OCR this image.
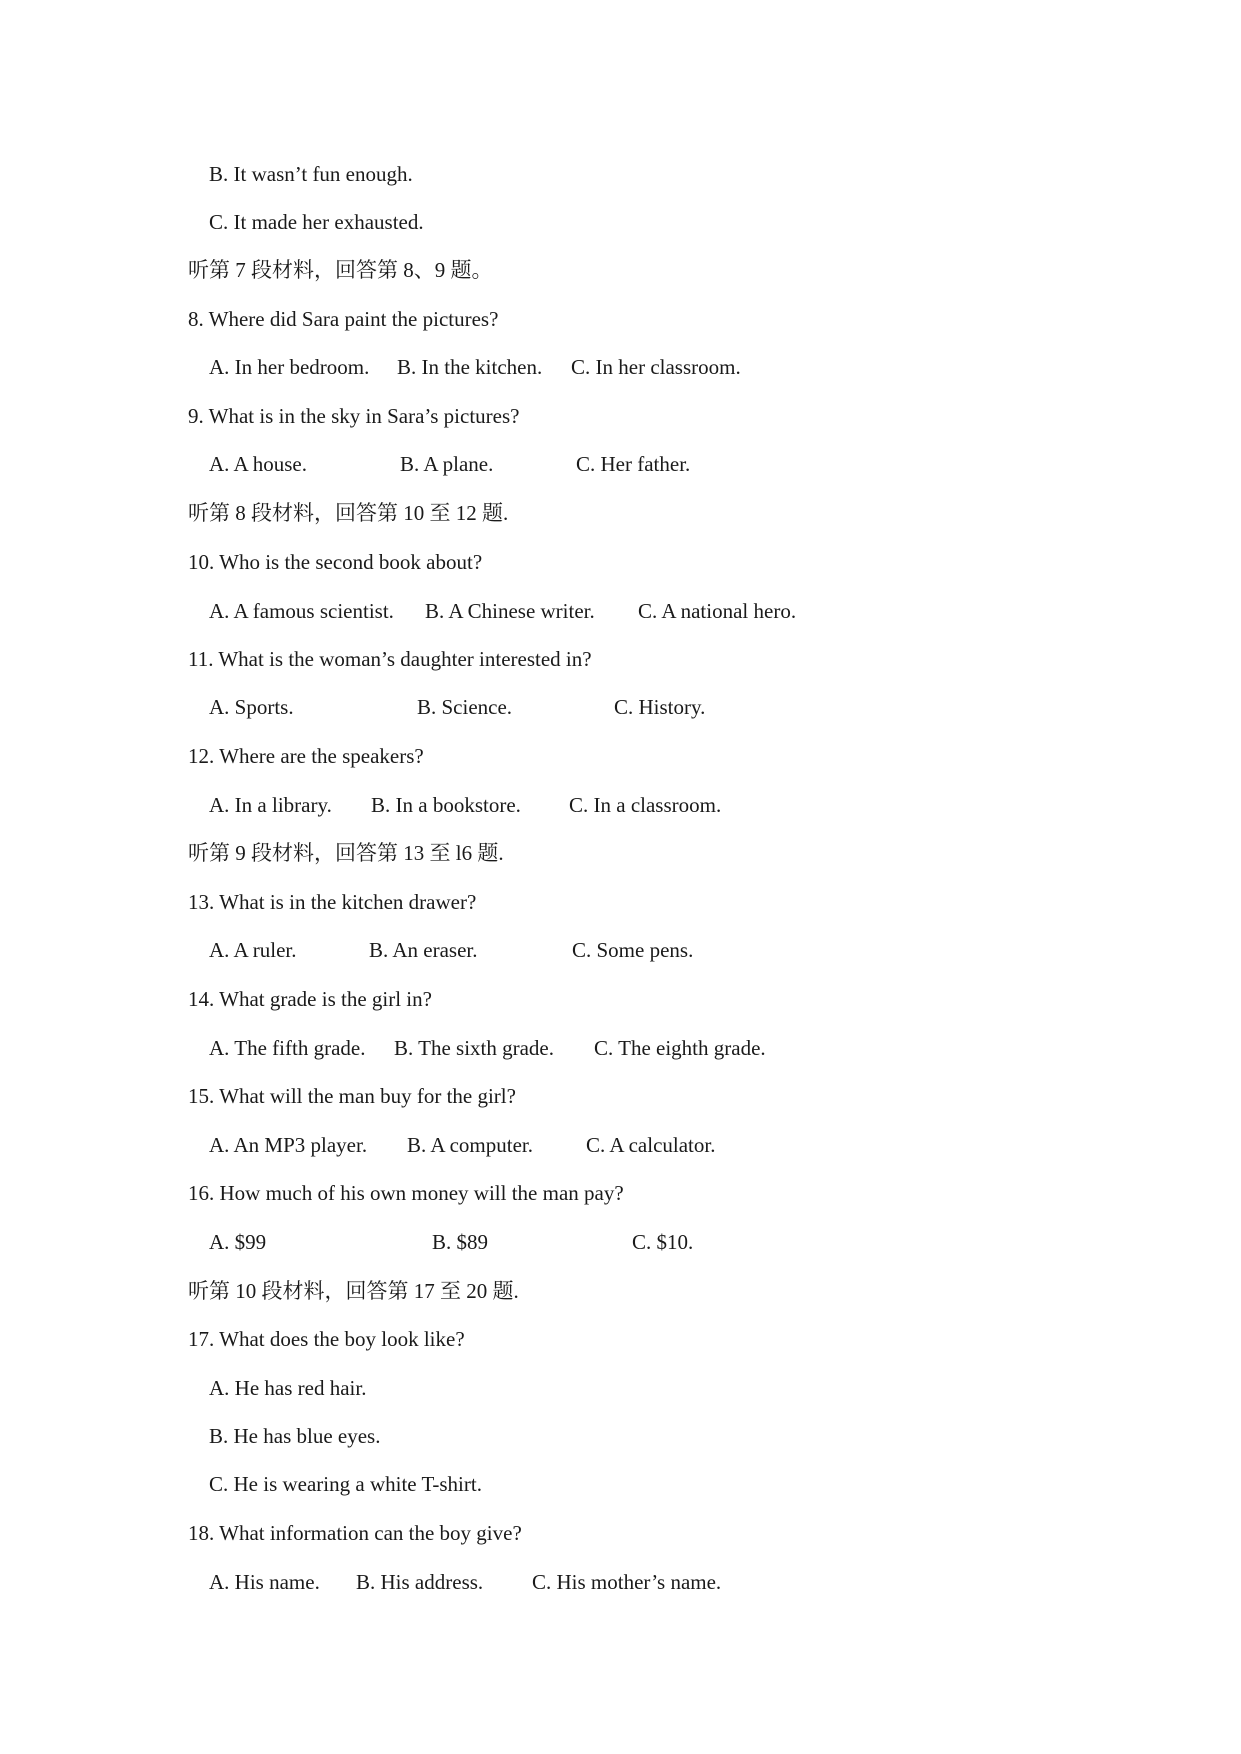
B. It wasn’t fun enough.
C. It made her exhausted.
听第 7 段材料，回答第 8、9 题。
8. Where did Sara paint the pictures?
A. In her bedroom. B. In the kitchen. C. In her classroom.
9. What is in the sky in Sara’s pictures?
A. A house.	B. A plane.	C. Her father.
听第 8 段材料，回答第 10 至 12 题.
10. Who is the second book about?
A. A famous scientist. B. A Chinese writer. C. A national hero.
11. What is the woman’s daughter interested in?
A. Sports.	B. Science.	C. History.
12. Where are the speakers?
A. In a library. B. In a bookstore. C. In a classroom.
听第 9 段材料，回答第 13 至 l6 题.
13. What is in the kitchen drawer?
A. A ruler.	B. An eraser.	C. Some pens.
14. What grade is the girl in?
A. The fifth grade. B. The sixth grade. C. The eighth grade.
15. What will the man buy for the girl?
A. An MP3 player. B. A computer.	C. A calculator.
16. How much of his own money will the man pay?
A. $99	B. $89	C. $10.
听第 10 段材料，回答第 17 至 20 题.
17. What does the boy look like?
A. He has red hair.
B. He has blue eyes.
C. He is wearing a white T-shirt.
18. What information can the boy give?
A. His name. B. His address. C. His mother’s name.
